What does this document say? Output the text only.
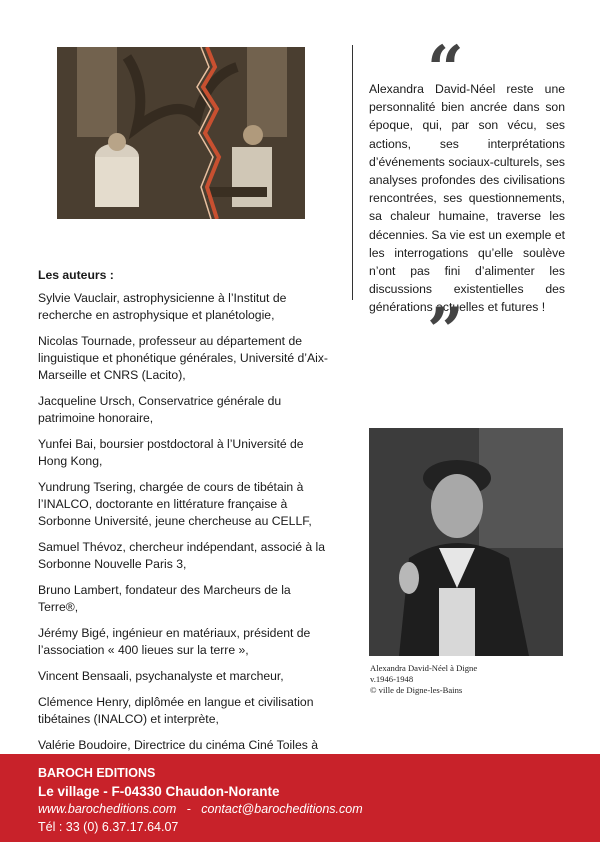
Les auteurs :

Sylvie Vauclair, astrophysicienne à l’Institut de recherche en astrophysique et planétologie,

Nicolas Tournade, professeur au département de linguistique et phonétique générales, Université d’Aix-Marseille et CNRS (Lacito),

Jacqueline Ursch, Conservatrice générale du patrimoine honoraire,

Yunfei Bai, boursier postdoctoral à l’Université de Hong Kong,

Yundrung Tsering, chargée de cours de tibétain à l’INALCO, doctorante en littérature française à Sorbonne Université, jeune chercheuse au CELLF,

Samuel Thévoz, chercheur indépendant, associé à la Sorbonne Nouvelle Paris 3,

Bruno Lambert, fondateur des Marcheurs de la Terre®,

Jérémy Bigé, ingénieur en matériaux, président de l’association « 400 lieues sur la terre »,

Vincent Bensaali, psychanalyste et marcheur,

Clémence Henry, diplômée en langue et civilisation tibétaines (INALCO) et interprète,

Valérie Boudoire, Directrice du cinéma Ciné Toiles à

“
Alexandra David-Néel reste une personnalité bien ancrée dans son époque, qui, par son vécu, ses actions, ses interprétations d’événements sociaux-culturels, ses analyses profondes des civilisations rencontrées, ses questionnements, sa chaleur humaine, traverse les décennies. Sa vie est un exemple et les interrogations qu’elle soulève n’ont pas fini d’alimenter les discussions existentielles des générations actuelles et futures !
”
Alexandra David-Néel à Digne
v.1946-1948
© ville de Digne-les-Bains
BAROCH EDITIONS
Le village - F-04330 Chaudon-Norante
www.barocheditions.com   -   contact@barocheditions.com
Tél : 33 (0) 6.37.17.64.07
